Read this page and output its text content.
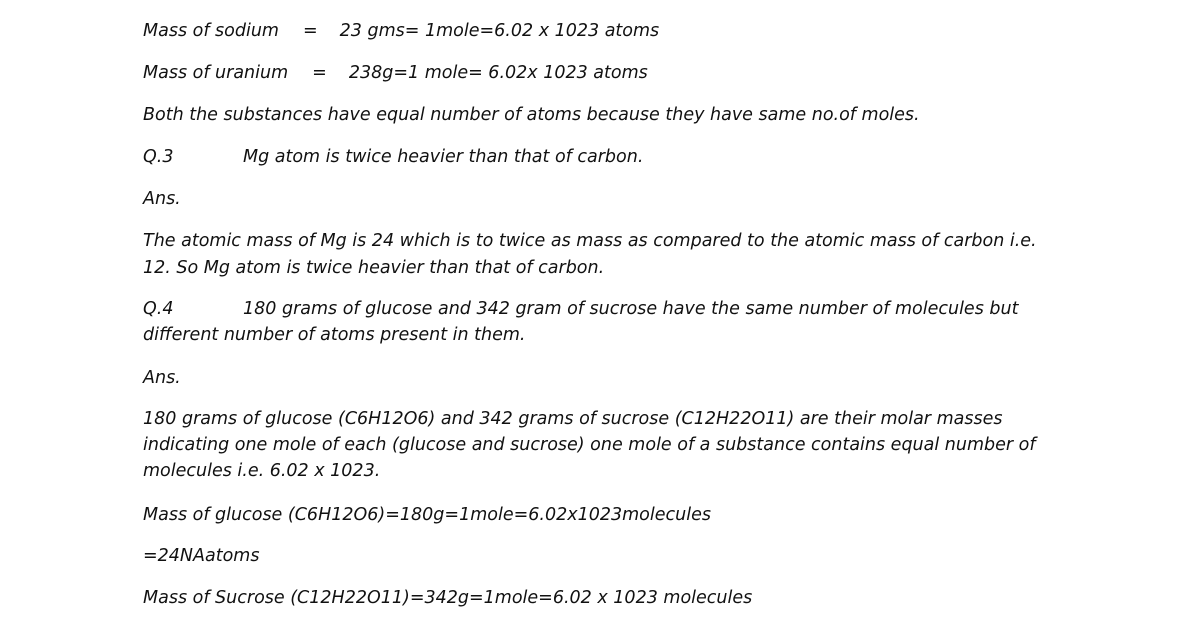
Mass of sodium = 23 gms= 1mole=6.02 x 1023 atoms
Mass of uranium = 238g=1 mole= 6.02x 1023 atoms
Both the substances have equal number of atoms because they have same no.of moles.
Q.3	Mg atom is twice heavier than that of carbon.
Ans.
The atomic mass of Mg is 24 which is to twice as mass as compared to the atomic mass of carbon i.e.
12. So Mg atom is twice heavier than that of carbon.
Q.4	180 grams of glucose and 342 gram of sucrose have the same number of molecules but
different number of atoms present in them.
Ans.
180 grams of glucose (C6H12O6) and 342 grams of sucrose (C12H22O11) are their molar masses
indicating one mole of each (glucose and sucrose) one mole of a substance contains equal number of
molecules i.e. 6.02 x 1023.
Mass of glucose (C6H12O6)=180g=1mole=6.02x1023molecules
=24NAatoms
Mass of Sucrose (C12H22O11)=342g=1mole=6.02 x 1023 molecules
